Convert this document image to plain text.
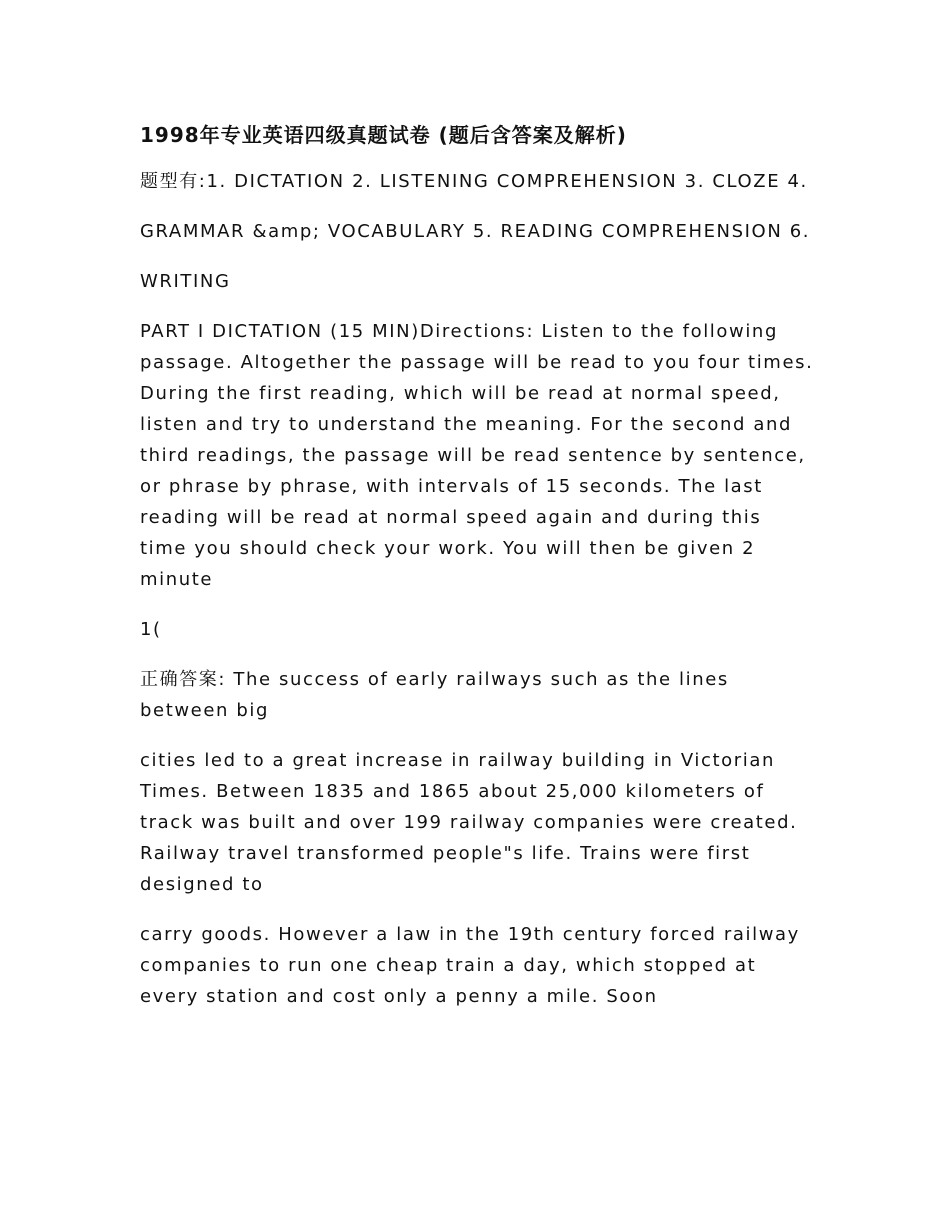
1998年专业英语四级真题试卷 (题后含答案及解析)

题型有:1. DICTATION 2. LISTENING COMPREHENSION 3. CLOZE 4.

GRAMMAR &amp; VOCABULARY 5. READING COMPREHENSION 6.

WRITING

PART I DICTATION (15 MIN)Directions: Listen to the following passage. Altogether the passage will be read to you four times. During the first reading, which will be read at normal speed, listen and try to understand the meaning. For the second and third readings, the passage will be read sentence by sentence, or phrase by phrase, with intervals of 15 seconds. The last reading will be read at normal speed again and during this time you should check your work. You will then be given 2 minute

1(

正确答案: The success of early railways such as the lines between big

cities led to a great increase in railway building in Victorian Times. Between 1835 and 1865 about 25,000 kilometers of track was built and over 199 railway companies were created. Railway travel transformed people"s life. Trains were first designed to

carry goods. However a law in the 19th century forced railway companies to run one cheap train a day, which stopped at every station and cost only a penny a mile. Soon
